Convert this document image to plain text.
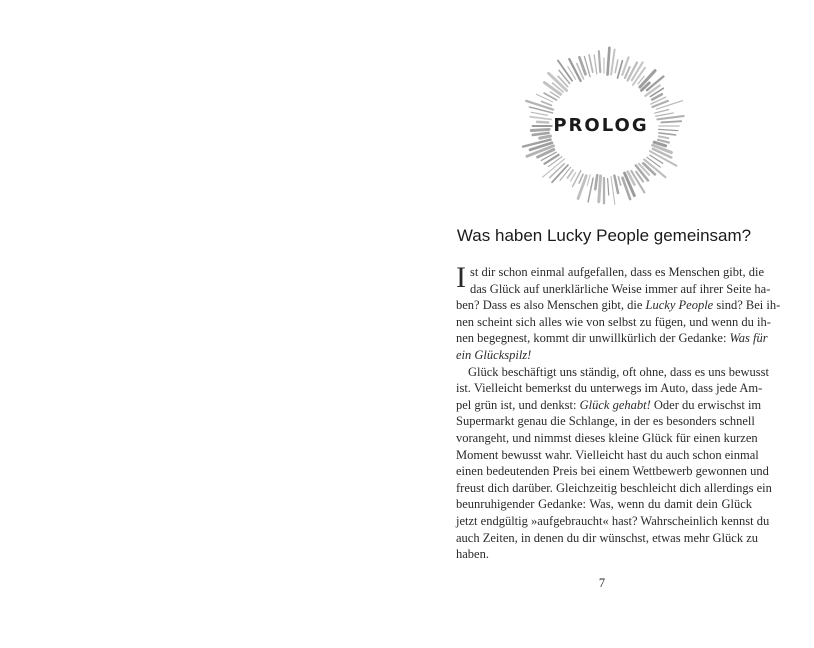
PROLOG
Was haben Lucky People gemeinsam?
I st dir schon einmal aufgefallen, dass es Menschen gibt, die
das Glück auf unerklärliche Weise immer auf ihrer Seite ha-
ben? Dass es also Menschen gibt, die Lucky People sind? Bei ih-
nen scheint sich alles wie von selbst zu fügen, und wenn du ih-
nen begegnest, kommt dir unwillkürlich der Gedanke: Was für
ein Glückspilz!
Glück beschäftigt uns ständig, oft ohne, dass es uns bewusst
ist. Vielleicht bemerkst du unterwegs im Auto, dass jede Am-
pel grün ist, und denkst: Glück gehabt! Oder du erwischst im
Supermarkt genau die Schlange, in der es besonders schnell
vorangeht, und nimmst dieses kleine Glück für einen kurzen
Moment bewusst wahr. Vielleicht hast du auch schon einmal
einen bedeutenden Preis bei einem Wettbewerb gewonnen und
freust dich darüber. Gleichzeitig beschleicht dich allerdings ein
beunruhigender Gedanke: Was, wenn du damit dein Glück
jetzt endgültig »aufgebraucht« hast? Wahrscheinlich kennst du
auch Zeiten, in denen du dir wünschst, etwas mehr Glück zu
haben.
7
